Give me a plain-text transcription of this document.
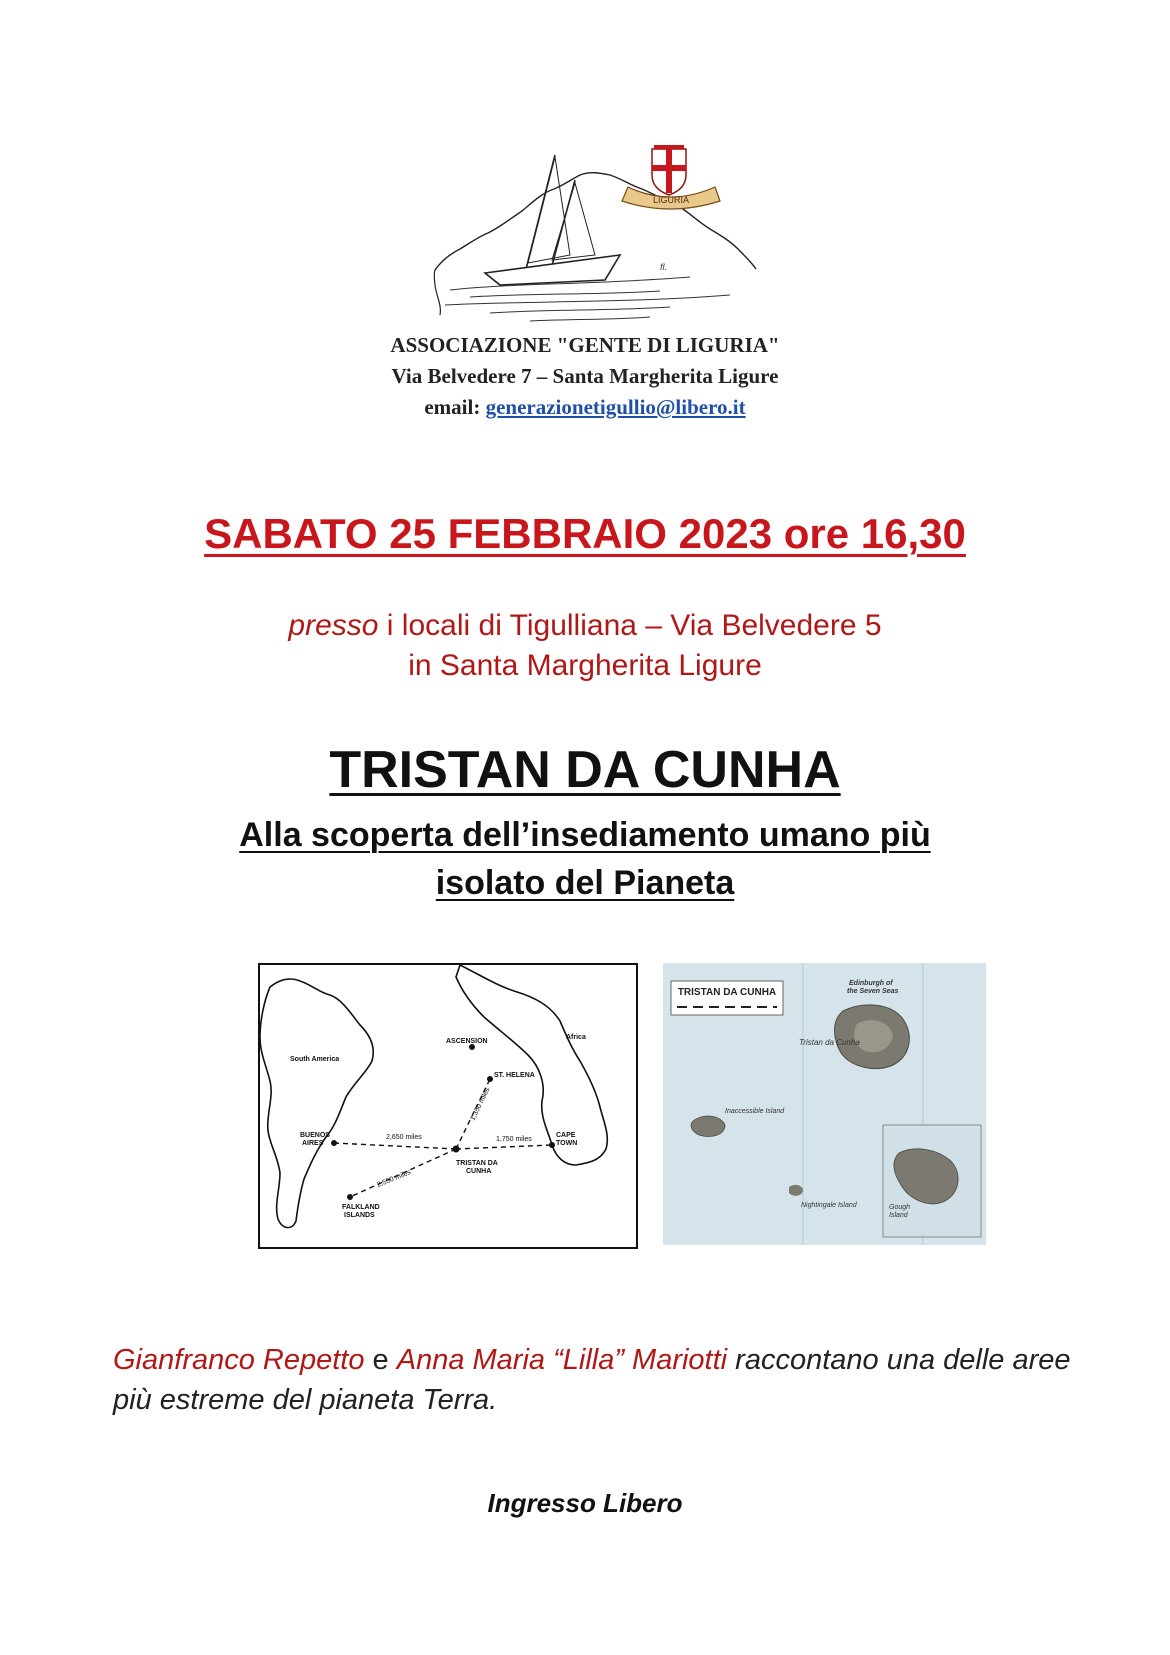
fl.
LIGURIA
ASSOCIAZIONE "GENTE DI LIGURIA"
Via Belvedere 7 – Santa Margherita Ligure
email: generazionetigullio@libero.it
SABATO 25 FEBBRAIO 2023 ore 16,30
presso i locali di Tigulliana – Via Belvedere 5
in Santa Margherita Ligure
TRISTAN DA CUNHA
Alla scoperta dell’insediamento umano più
isolato del Pianeta
South America
Africa
ASCENSION
ST. HELENA
BUENOS
AIRES
CAPE
TOWN
TRISTAN DA
CUNHA
FALKLAND
ISLANDS
2,650 miles	1,750 miles
1,350 miles
2,550 miles
TRISTAN DA CUNHA
Edinburgh of
the Seven Seas
Tristan da Cunha
Inaccessible Island
Nightingale Island	Gough
Island
Gianfranco Repetto e Anna Maria “Lilla” Mariotti raccontano una delle aree più estreme del pianeta Terra.
Ingresso Libero
